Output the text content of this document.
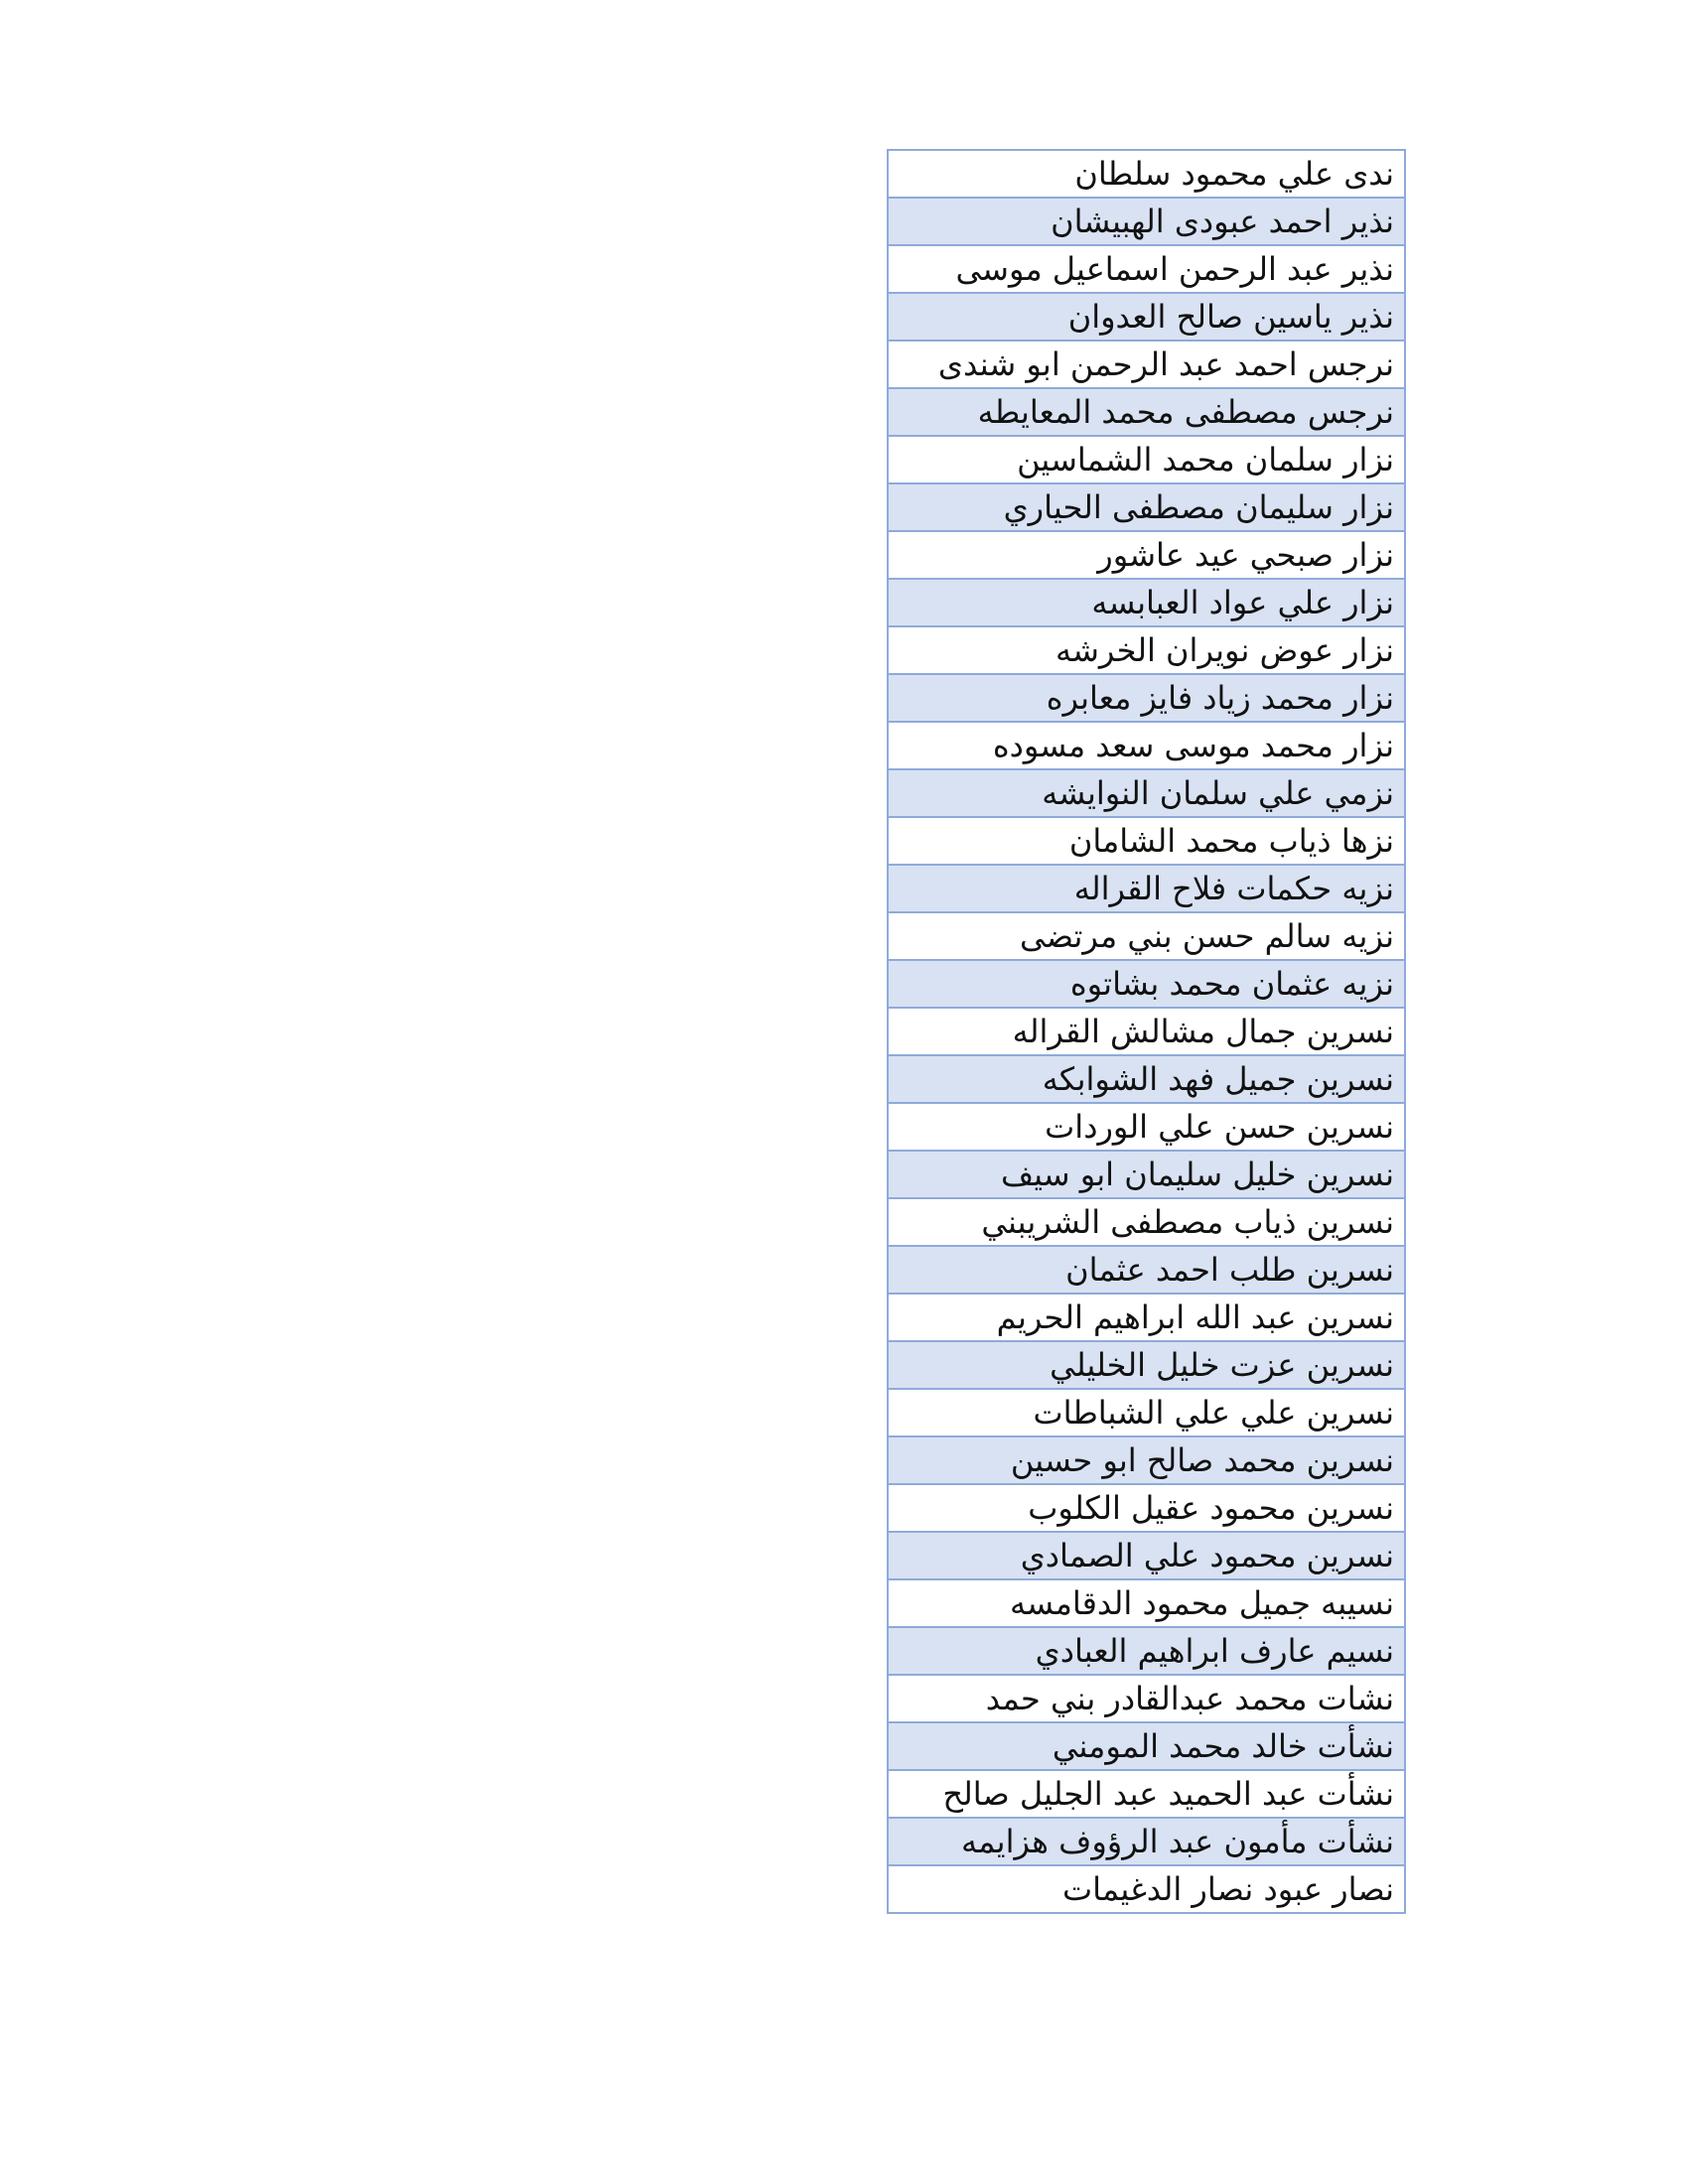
ندى علي محمود سلطان
نذير احمد عبودى الهبيشان
نذير عبد الرحمن اسماعيل موسى
نذير ياسين صالح العدوان
نرجس احمد عبد الرحمن ابو شندى
نرجس مصطفى محمد المعايطه
نزار سلمان محمد الشماسين
نزار سليمان مصطفى الحياري
نزار صبحي عيد عاشور
نزار علي عواد العبابسه
نزار عوض نويران الخرشه
نزار محمد زياد فايز معابره
نزار محمد موسى سعد مسوده
نزمي علي سلمان النوايشه
نزها ذياب محمد الشامان
نزيه حكمات فلاح القراله
نزيه سالم حسن بني مرتضى
نزيه عثمان محمد بشاتوه
نسرين جمال مشالش القراله
نسرين جميل فهد الشوابكه
نسرين حسن علي الوردات
نسرين خليل سليمان ابو سيف
نسرين ذياب مصطفى الشريبني
نسرين طلب احمد عثمان
نسرين عبد الله ابراهيم الحريم
نسرين عزت خليل الخليلي
نسرين علي علي الشباطات
نسرين محمد صالح ابو حسين
نسرين محمود عقيل الكلوب
نسرين محمود علي الصمادي
نسيبه جميل محمود الدقامسه
نسيم عارف ابراهيم العبادي
نشات محمد عبدالقادر بني حمد
نشأت خالد محمد المومني
نشأت عبد الحميد عبد الجليل صالح
نشأت مأمون عبد الرؤوف هزايمه
نصار عبود نصار الدغيمات
